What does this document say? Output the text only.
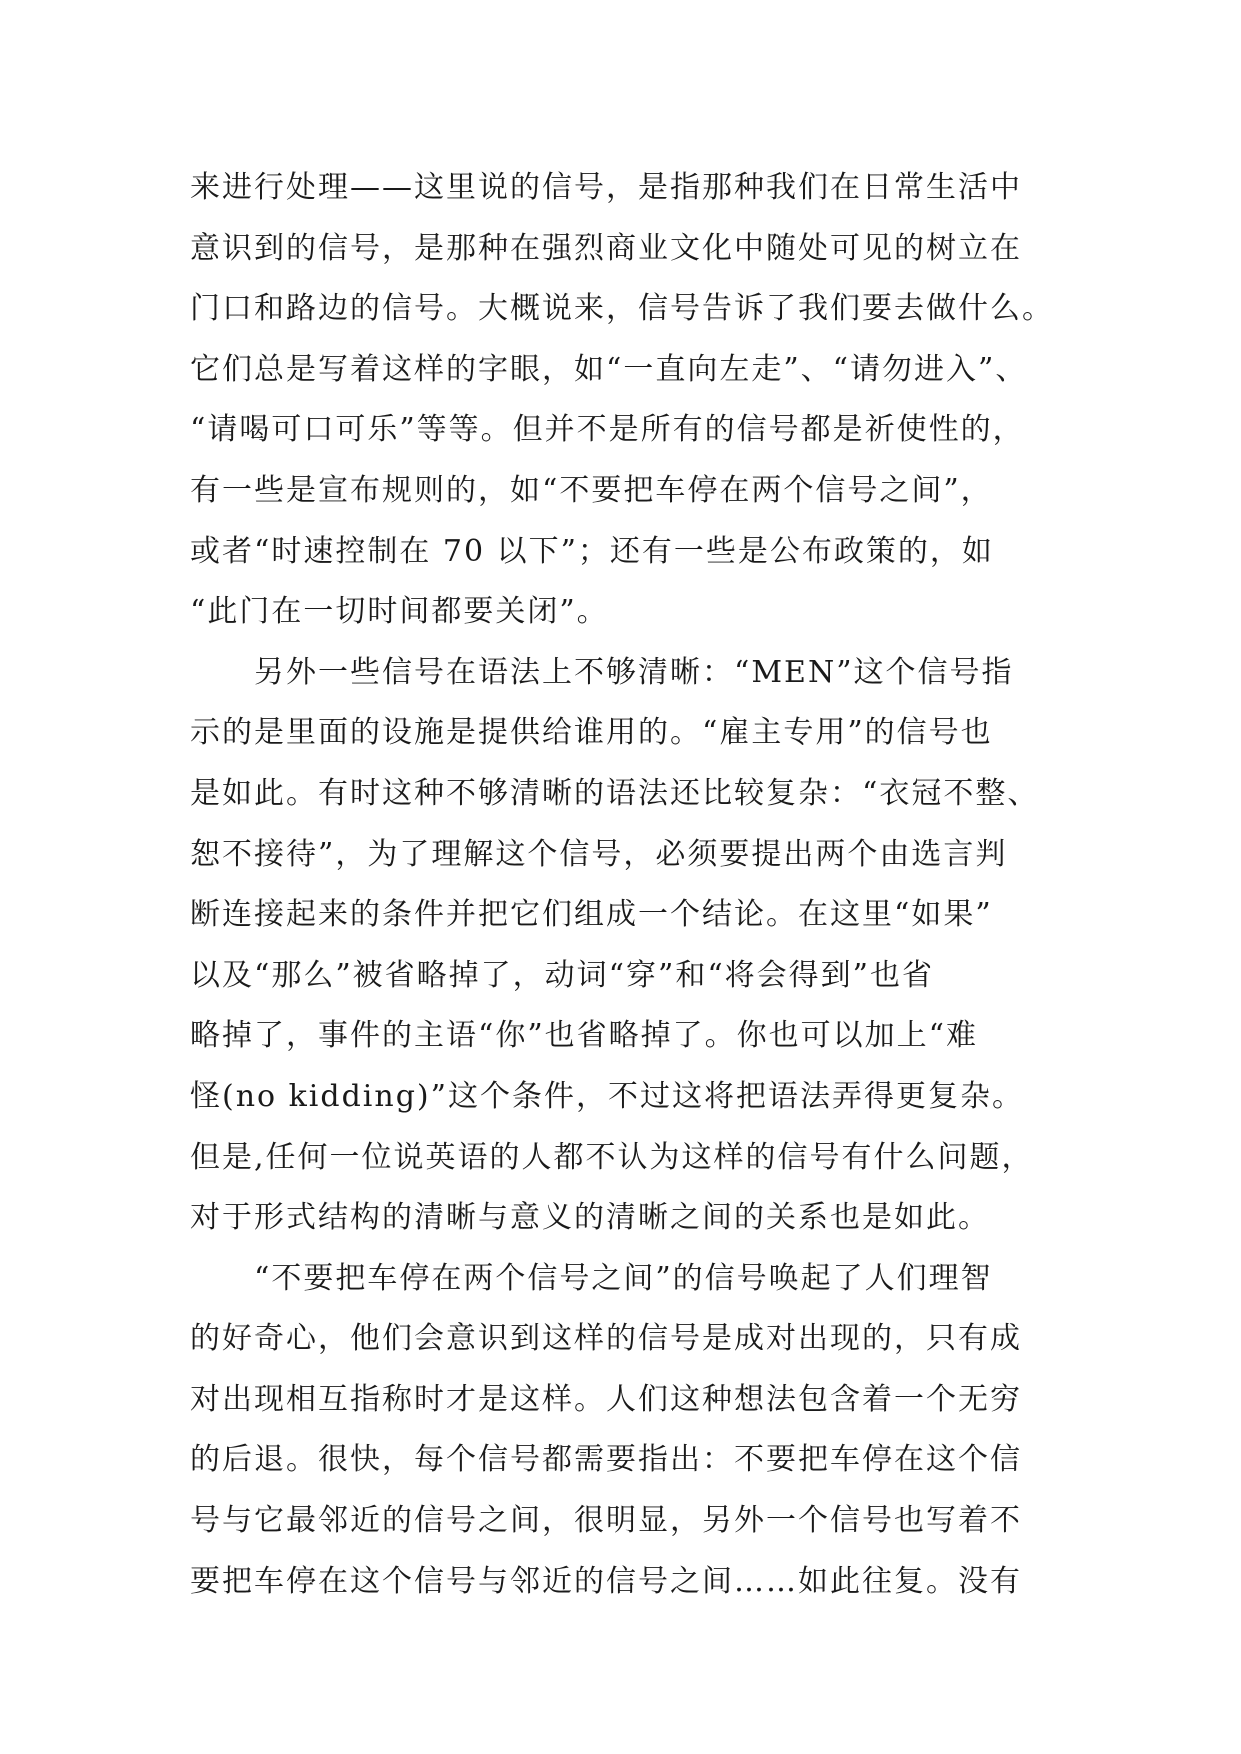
来进行处理——这里说的信号，是指那种我们在日常生活中
意识到的信号，是那种在强烈商业文化中随处可见的树立在
门口和路边的信号。大概说来，信号告诉了我们要去做什么。
它们总是写着这样的字眼，如“一直向左走”、“请勿进入”、
“请喝可口可乐”等等。但并不是所有的信号都是祈使性的，
有一些是宣布规则的，如“不要把车停在两个信号之间”，
或者“时速控制在 70 以下”；还有一些是公布政策的，如
“此门在一切时间都要关闭”。
　　另外一些信号在语法上不够清晰：“MEN”这个信号指
示的是里面的设施是提供给谁用的。“雇主专用”的信号也
是如此。有时这种不够清晰的语法还比较复杂：“衣冠不整、
恕不接待”，为了理解这个信号，必须要提出两个由选言判
断连接起来的条件并把它们组成一个结论。在这里“如果”
以及“那么”被省略掉了，动词“穿”和“将会得到”也省
略掉了，事件的主语“你”也省略掉了。你也可以加上“难
怪(no kidding)”这个条件，不过这将把语法弄得更复杂。
但是,任何一位说英语的人都不认为这样的信号有什么问题，
对于形式结构的清晰与意义的清晰之间的关系也是如此。
　　“不要把车停在两个信号之间”的信号唤起了人们理智
的好奇心，他们会意识到这样的信号是成对出现的，只有成
对出现相互指称时才是这样。人们这种想法包含着一个无穷
的后退。很快，每个信号都需要指出：不要把车停在这个信
号与它最邻近的信号之间，很明显，另外一个信号也写着不
要把车停在这个信号与邻近的信号之间……如此往复。没有
